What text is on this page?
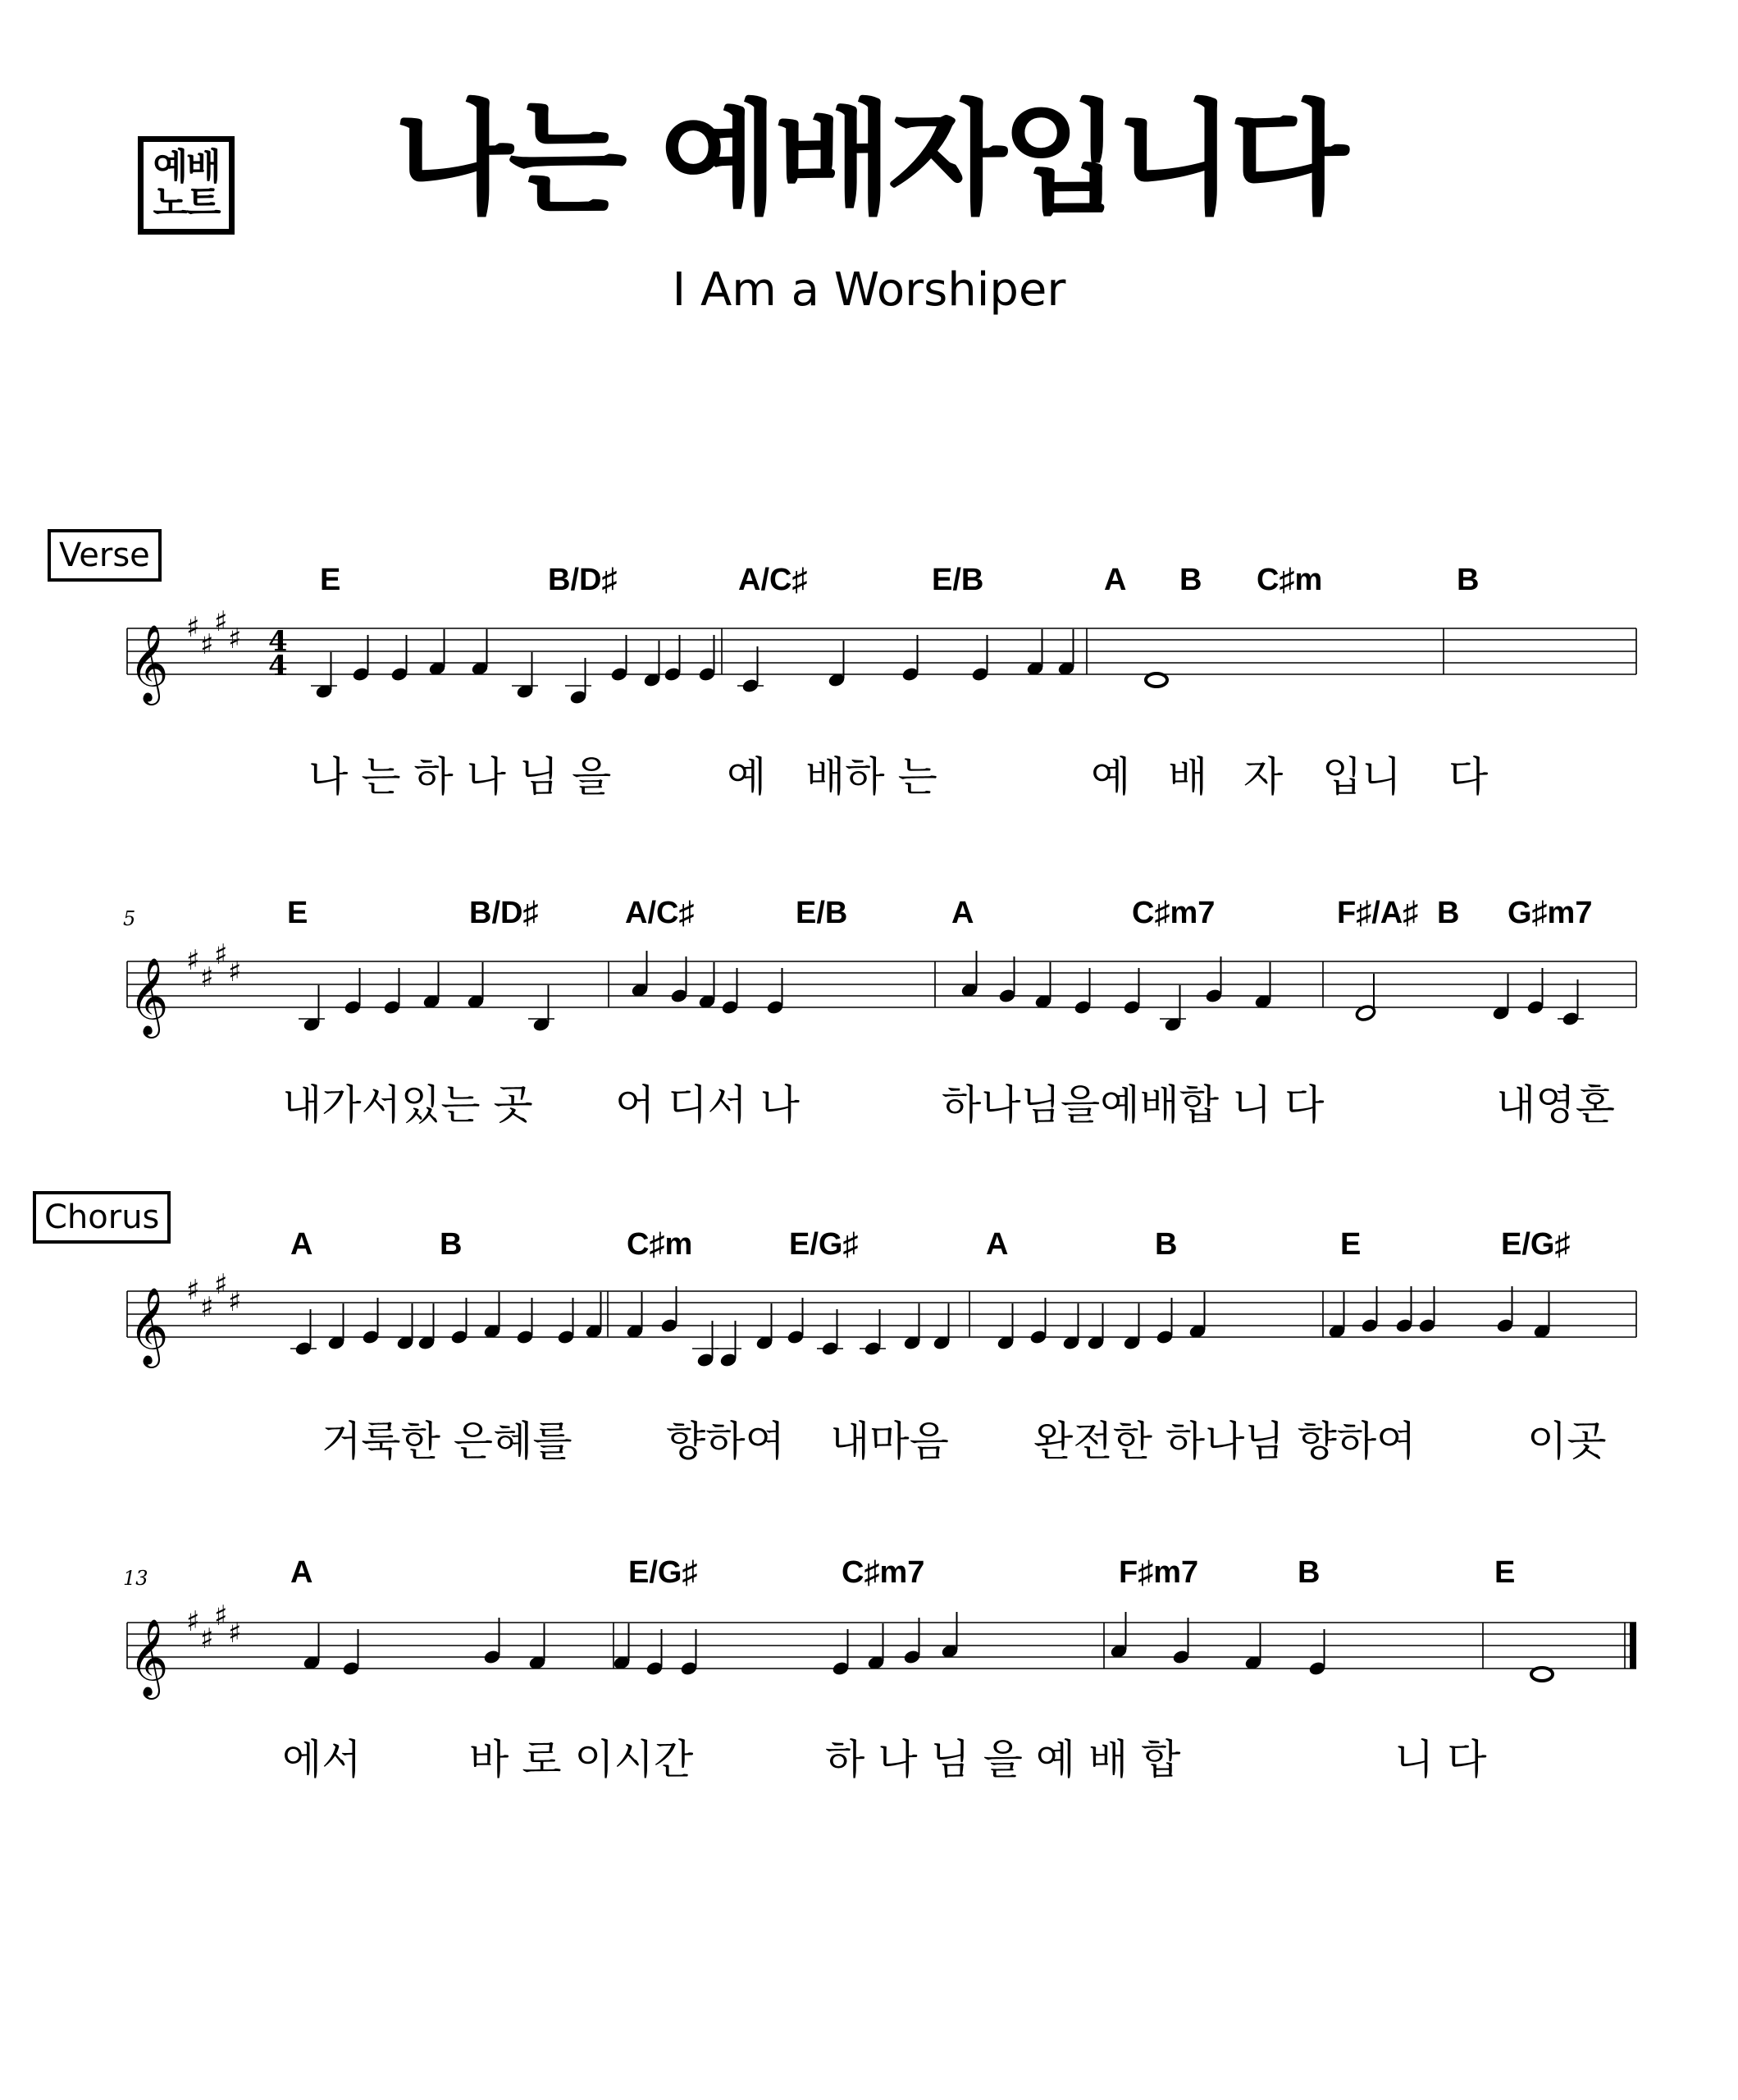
예배
노트	나는 예배자입니다
I Am a Worshiper
Verse
Chorus
5
13
E	B/D♯	A/C♯	E/B	A B C♯m	B
나 는 하 나 님 을	예 배하 는	예 배 자 입니 다
E	B/D♯	A/C♯	E/B	A	C♯m7	F♯/A♯ B G♯m7
내가서있는 곳 어 디서 나	하나님을예배합 니 다	내영혼
A	B	C♯m	E/G♯	A	B	E	E/G♯
거룩한 은혜를 향하여 내마음 완전한 하나님 향하여	이곳
A	E/G♯	C♯m7	F♯m7	B	E
에서	바 로 이시간	하 나 님 을 예 배 합	니 다
𝄞 ♯
♯
♯
♯ 4
4
𝄞 ♯
♯
♯
♯
𝄞 ♯
♯
♯
♯
𝄞 ♯
♯
♯
♯
